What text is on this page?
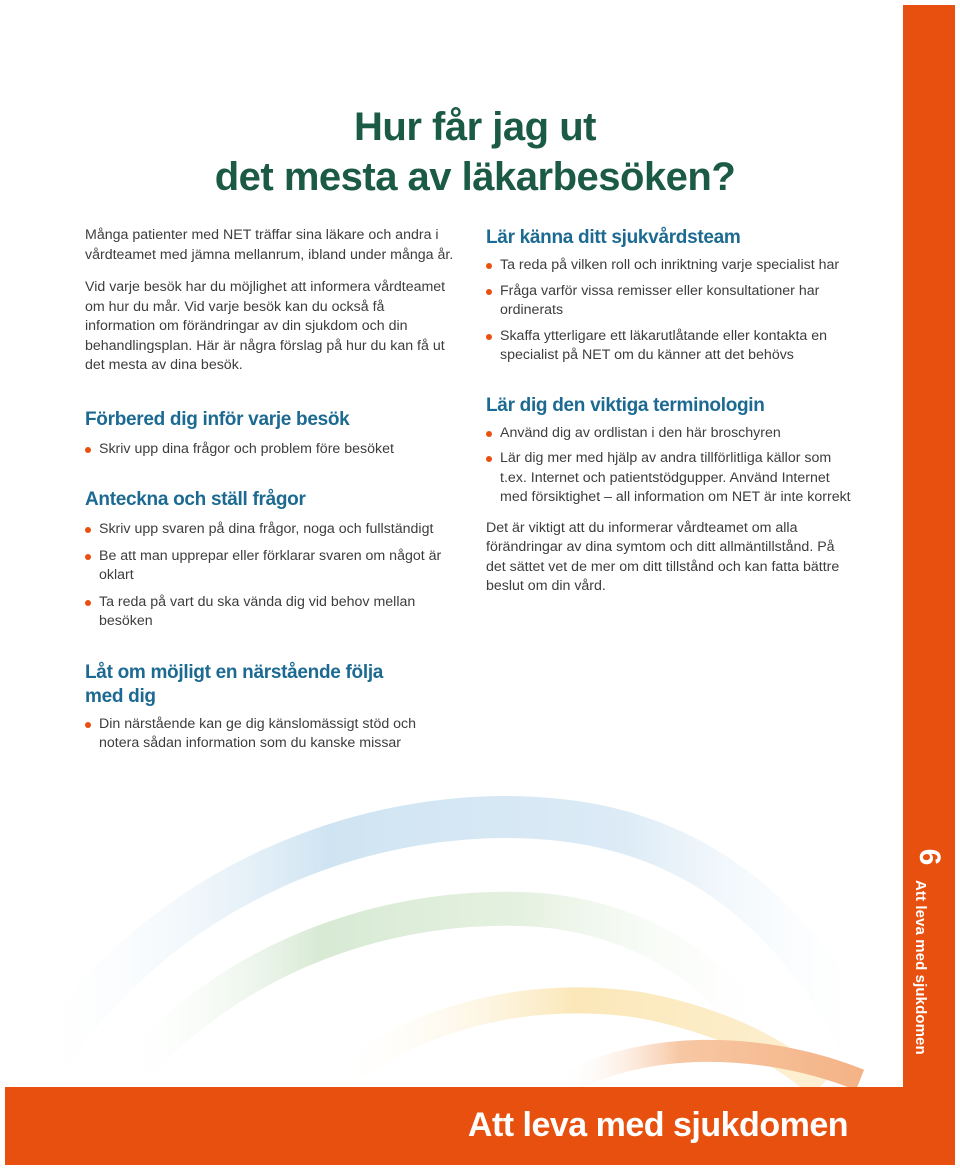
Hur får jag ut
det mesta av läkarbesöken?

Många patienter med NET träffar sina läkare och andra i vårdteamet med jämna mellanrum, ibland under många år.

Vid varje besök har du möjlighet att informera vårdteamet om hur du mår. Vid varje besök kan du också få information om förändringar av din sjukdom och din behandlingsplan. Här är några förslag på hur du kan få ut det mesta av dina besök.

Förbered dig inför varje besök
Skriv upp dina frågor och problem före besöket
Anteckna och ställ frågor
Skriv upp svaren på dina frågor, noga och fullständigt
Be att man upprepar eller förklarar svaren om något är oklart
Ta reda på vart du ska vända dig vid behov mellan besöken
Låt om möjligt en närstående följa med dig
Din närstående kan ge dig känslomässigt stöd och notera sådan information som du kanske missar
Lär känna ditt sjukvårdsteam
Ta reda på vilken roll och inriktning varje specialist har
Fråga varför vissa remisser eller konsultationer har ordinerats
Skaffa ytterligare ett läkarutlåtande eller kontakta en specialist på NET om du känner att det behövs
Lär dig den viktiga terminologin
Använd dig av ordlistan i den här broschyren
Lär dig mer med hjälp av andra tillförlitliga källor som t.ex. Internet och patientstödgupper. Använd Internet med försiktighet – all information om NET är inte korrekt

Det är viktigt att du informerar vårdteamet om alla förändringar av dina symtom och ditt allmäntillstånd. På det sättet vet de mer om ditt tillstånd och kan fatta bättre beslut om din vård.

6
Att leva med sjukdomen
Att leva med sjukdomen
